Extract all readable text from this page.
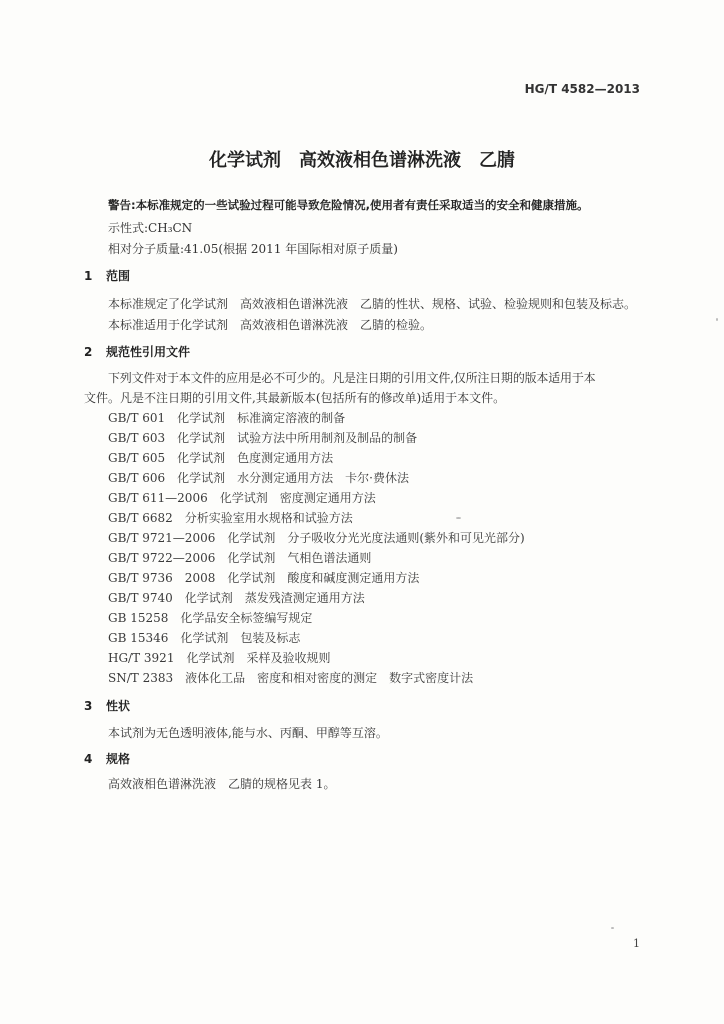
HG/T 4582—2013
化学试剂　高效液相色谱淋洗液　乙腈
警告:本标准规定的一些试验过程可能导致危险情况,使用者有责任采取适当的安全和健康措施。
示性式:CH₃CN
相对分子质量:41.05(根据 2011 年国际相对原子质量)
1 范围
本标准规定了化学试剂　高效液相色谱淋洗液　乙腈的性状、规格、试验、检验规则和包装及标志。
本标准适用于化学试剂　高效液相色谱淋洗液　乙腈的检验。
2 规范性引用文件
下列文件对于本文件的应用是必不可少的。凡是注日期的引用文件,仅所注日期的版本适用于本
文件。凡是不注日期的引用文件,其最新版本(包括所有的修改单)适用于本文件。
GB/T 601　化学试剂　标准滴定溶液的制备
GB/T 603　化学试剂　试验方法中所用制剂及制品的制备
GB/T 605　化学试剂　色度测定通用方法
GB/T 606　化学试剂　水分测定通用方法　卡尔·费休法
GB/T 611—2006　化学试剂　密度测定通用方法
GB/T 6682　分析实验室用水规格和试验方法
GB/T 9721—2006　化学试剂　分子吸收分光光度法通则(紫外和可见光部分)
GB/T 9722—2006　化学试剂　气相色谱法通则
GB/T 9736　2008　化学试剂　酸度和碱度测定通用方法
GB/T 9740　化学试剂　蒸发残渣测定通用方法
GB 15258　化学品安全标签编写规定
GB 15346　化学试剂　包装及标志
HG/T 3921　化学试剂　采样及验收规则
SN/T 2383　液体化工品　密度和相对密度的测定　数字式密度计法
3 性状
本试剂为无色透明液体,能与水、丙酮、甲醇等互溶。
4 规格
高效液相色谱淋洗液　乙腈的规格见表 1。
1
